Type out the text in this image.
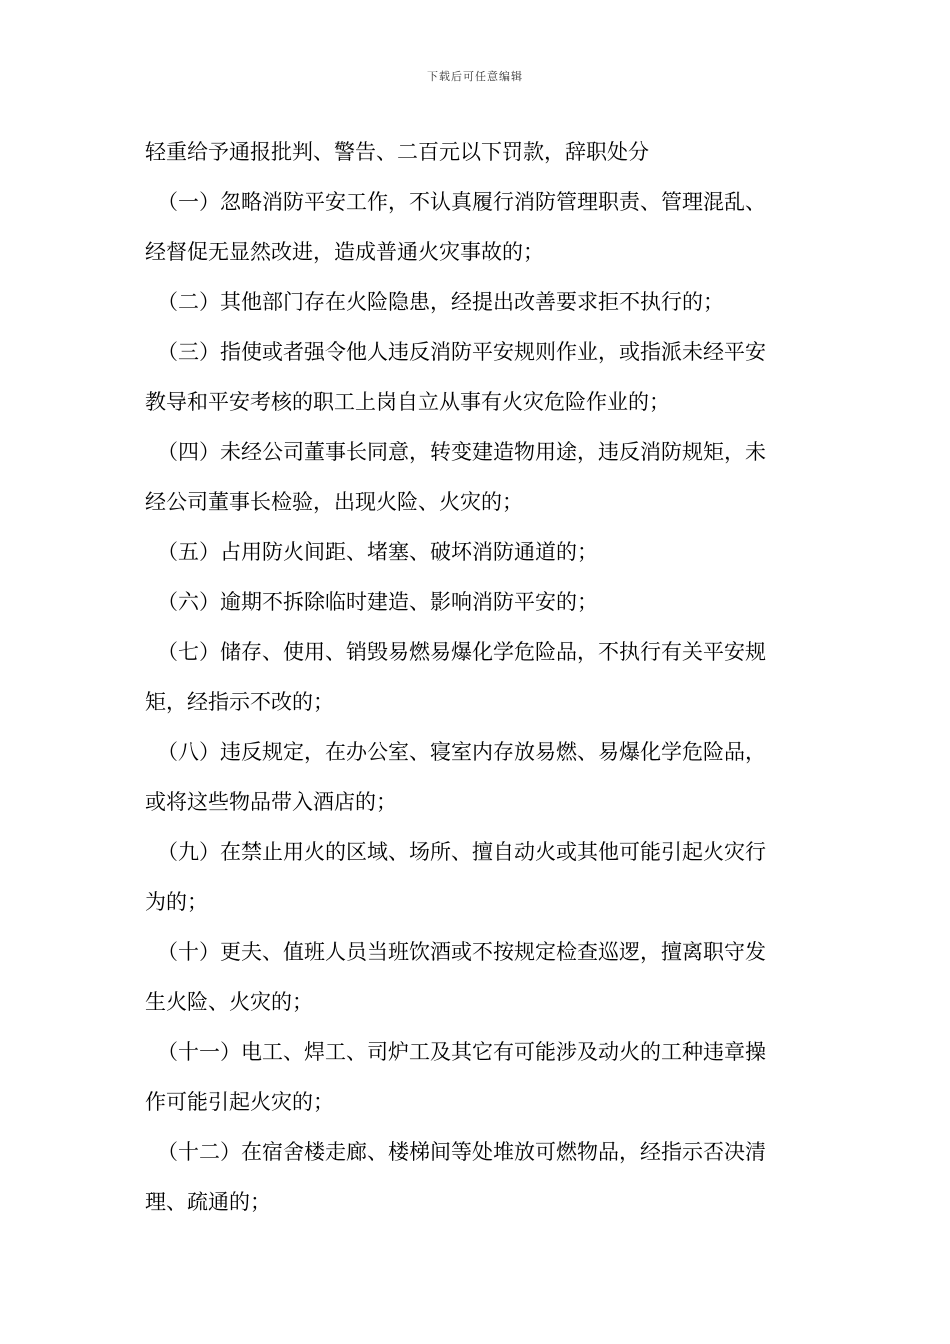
下载后可任意编辑

轻重给予通报批判、警告、二百元以下罚款，辞职处分

（一）忽略消防平安工作，不认真履行消防管理职责、管理混乱、

经督促无显然改进，造成普通火灾事故的；

（二）其他部门存在火险隐患，经提出改善要求拒不执行的；

（三）指使或者强令他人违反消防平安规则作业，或指派未经平安

教导和平安考核的职工上岗自立从事有火灾危险作业的；

（四）未经公司董事长同意，转变建造物用途，违反消防规矩，未

经公司董事长检验，出现火险、火灾的；

（五）占用防火间距、堵塞、破坏消防通道的；

（六）逾期不拆除临时建造、影响消防平安的；

（七）储存、使用、销毁易燃易爆化学危险品，不执行有关平安规

矩，经指示不改的；

（八）违反规定，在办公室、寝室内存放易燃、易爆化学危险品，

或将这些物品带入酒店的；

（九）在禁止用火的区域、场所、擅自动火或其他可能引起火灾行

为的；

（十）更夫、值班人员当班饮酒或不按规定检查巡逻，擅离职守发

生火险、火灾的；

（十一）电工、焊工、司炉工及其它有可能涉及动火的工种违章操

作可能引起火灾的；

（十二）在宿舍楼走廊、楼梯间等处堆放可燃物品，经指示否决清

理、疏通的；
